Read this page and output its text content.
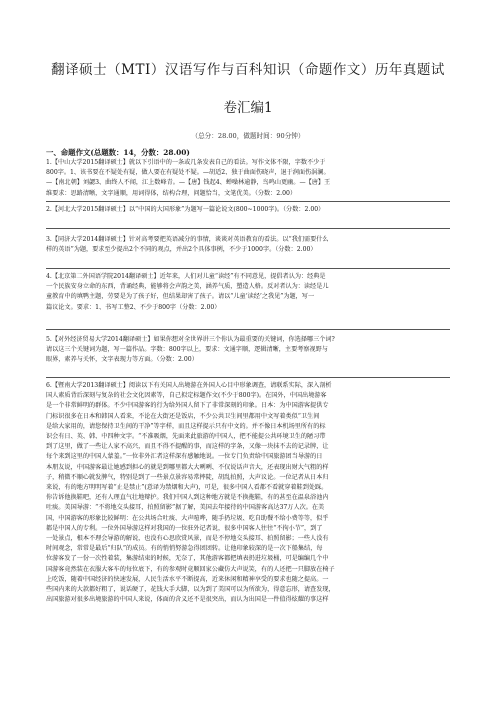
翻译硕士（MTI）汉语写作与百科知识（命题作文）历年真题试
卷汇编1
（总分：28.00，做题时间：90分钟）
一、命题作文(总题数：14，分数：28.00)

1.【中山大学2015翻译硕士】就以下引语中的一条或几条发表自己的看法。写作文体不限，字数不少于

800字。1、该书要在不疑处有疑，做人要在有疑处不疑。—胡适2、独于曲面伤晓声，退于润面伤涡澜。

—【南北朝】刘勰3、曲终人不闻，江上数峰青。—【唐】钱起4、蝉噪林逾静，鸟鸣山更幽。—【唐】王

维要求：思路清晰，文字通顺，用词得体，结构合理，问题恰当，文笔优美。（分数：2.00）

2.【河北大学2015翻译硕士】以“中国的大国形象”为题写一篇论说文(800~1000字)。（分数：2.00）

3.【同济大学2014翻译硕士】针对高考要把英语减分的事情，谈谈对英语教育的看法。以“我们需要什么

样的英语”为题，要求至少提出2个不同的观点，并出2个具体事例，不少于1000字。（分数：2.00）

4.【北京第二外国语学院2014翻译硕士】近年来，人们对儿童“读经”有不同意见，提倡者认为：经典是

一个民族安身立命的东西，背诵经典，能够将会声韵之美，涵养气质，塑造人格。反对者认为：读经是儿

童教育中的填鸭主题，劳要是为了孩子好，但结果却害了孩子。请以“儿童‘读经’之我见”为题，写一

篇议论文。要求：1、书写工整2、不少于800字（分数：2.00）

5.【对外经济贸易大学2014翻译硕士】如果你想对全世界讲三个你认为最重要的关键词，你选择哪三个词?

请以这三个关键词为题，写一篇作品。字数：800字以上，要求：文通字顺，逻辑清晰，主要考察视野与

眼界，素养与关怀，文字表现力等方面。（分数：2.00）

6.【暨南大学2013翻译硕士】阅读以下有关国人出境游在外国人心目中形象调查，请联系实际，深入剖析

国人素质背后深刻与复杂的社会文化因素等，自己拟定标题作文(不少于800字)。在国外，中国出境游客

是一个非常鲜明的群体。不少中国游客的行为给外国人留下了非常深刻的印象。日本：为中国游客提供专

门标识很多在日本和韩国人看来，不论在大街还是饭店，不少公共卫生间里都用中文写着类似“卫生间

是给大家用的，请您保持卫生间的干净”等字样，而且这样提示只有中文的。并不像日本机场里所有的标

识会有日、英、韩、中四种文字。“不准吸烟，先面来此旅游的中国人，把不能提公共环境卫生的陋习带

到了这里，做了一些让人家不高兴，而且不得不提醒的事，而这样的字条，又像一块抹不去的记录牌，让

每个来到这里的中国人蒙羞。”一位非外汇者这样深有感触地说。一位专门负责给中国旅游团当导游的日

本朋友说，中国游客最让她感到担心的就是到哪里都大大咧咧、不仅说话声音大，还表现出财大气粗的样

子，稍微不顺心就发脾气，特别是到了一些景点景容易常摔陡，胡乱拍照，大声议论。一位记者从日本归

来说，有的地方明明写着“止是禁止”(意译为禁烟和大声)，可是，很多中国人看都不看就穿着鞋到处踩。

你告诉他换鞋吧，还有人理直气壮地辩护。我们中国人到这种地方就是不换拖鞋，有的甚至在温泉浴池内

吐痰。美国导游：“不将地交头接耳，拍照留影”据了解，美国去年接待的中国游客高达37万人次。在美

国，中国游客的形象比较鲜明：在公共场合吐痰、大声喧哗，随手扔垃圾、吃自助餐不给小费等等，似乎

都是中国人的专利。一位外国导游这样对我国的一位驻外记者说，很多中国客人往往“不拘小节”，到了

一处景点，根本不理会导游的解说，也没有心思欣赏风景，而是不停地交头接耳、拍照留影；一些人没有

时间观念，常常是最后“归队”的成员。有的悄悄努游急得团团转。让他印象较深的是一次下船集结，每

位游客发了一份一次性着装，集游结束的时候，无奈了，其他游客都把填表扔进垃圾桶，可是编编几个中

国游客竟然装在衣服大客车的每位底下，有的参观时竟顺回家公藏仿大声说笑，有的人还把一只脚放在椅子

上吃饭，随着中国经济的快速发展，人民生活水平不断提高，近来休闲和精神享受的要求也随之提高。一

些国内来的大款都好粗了，说话硬了，花钱大手大脚，以为到了美国可以为所欲为，得意忘形，请查发现，

出国旅游对很多出境旅游的中国人来说，体面的含义还不是很突出，而认为出国是一件值得炫耀的事这样
